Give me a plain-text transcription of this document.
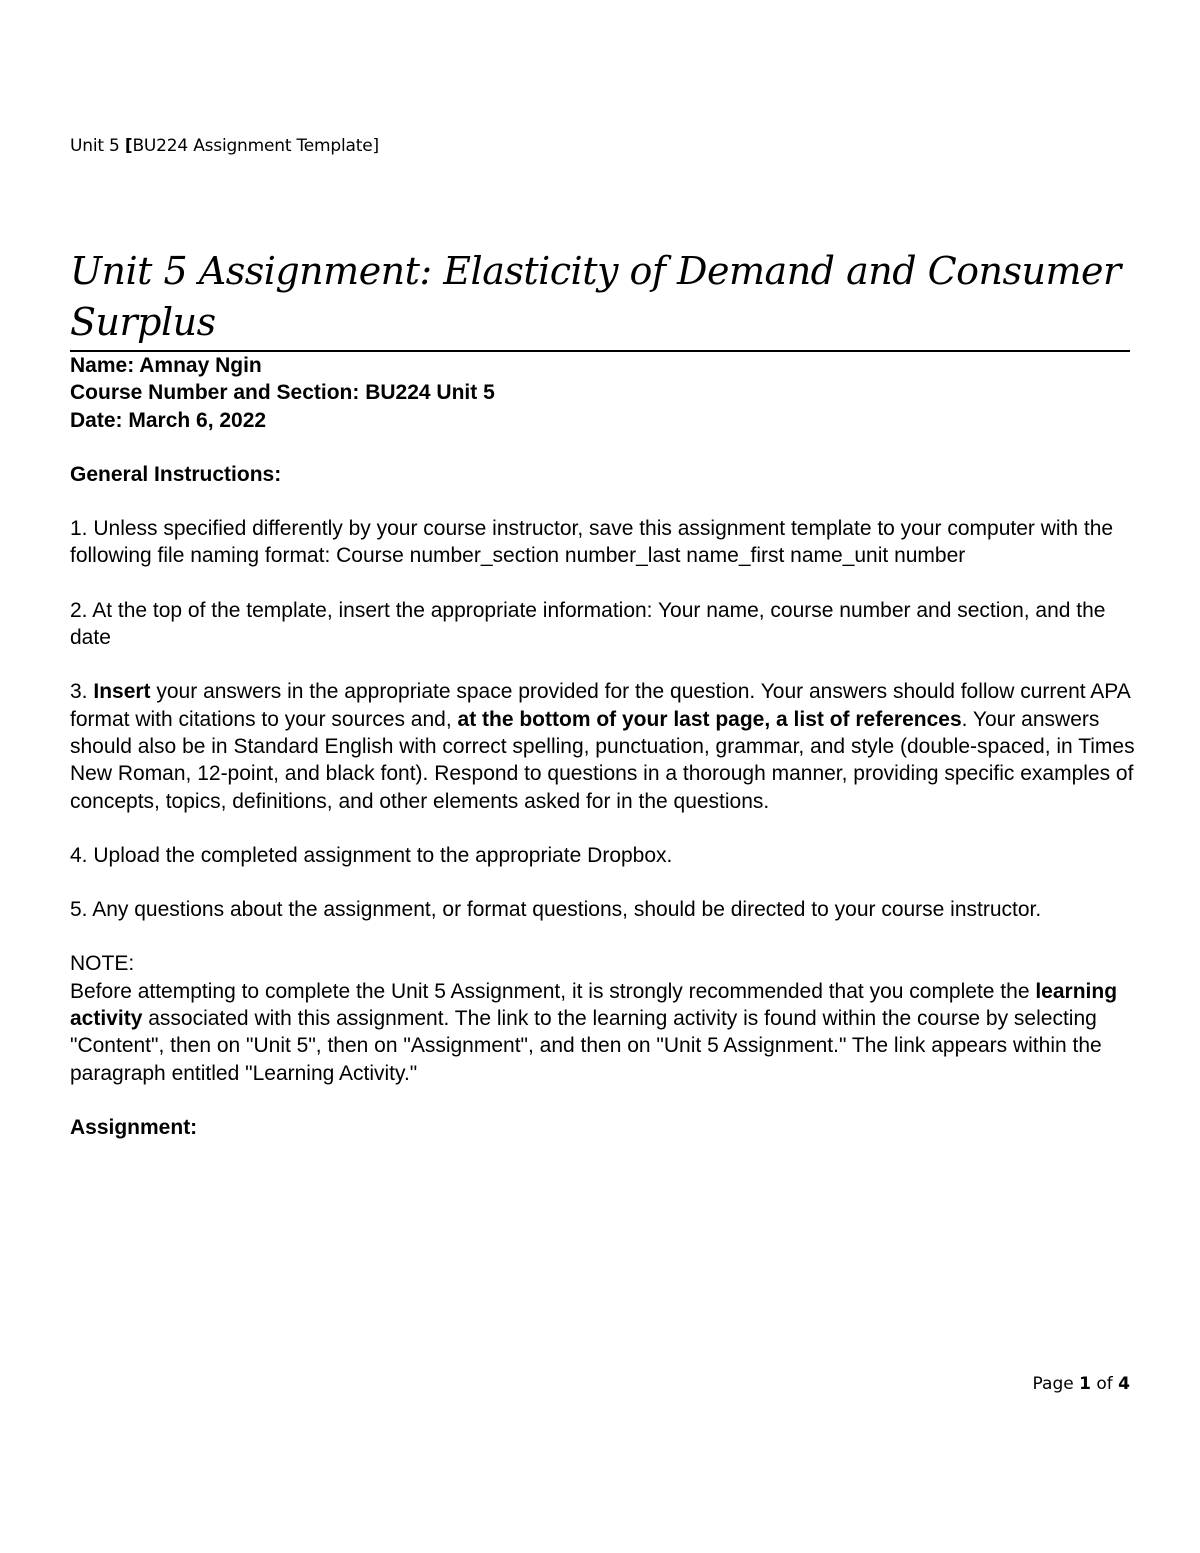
Unit 5 [BU224 Assignment Template]
Unit 5 Assignment: Elasticity of Demand and Consumer Surplus
Name: Amnay Ngin
Course Number and Section: BU224 Unit 5
Date: March 6, 2022
General Instructions:
1. Unless specified differently by your course instructor, save this assignment template to your computer with the following file naming format: Course number_section number_last name_first name_unit number
2. At the top of the template, insert the appropriate information: Your name, course number and section, and the date
3. Insert your answers in the appropriate space provided for the question. Your answers should follow current APA format with citations to your sources and, at the bottom of your last page, a list of references. Your answers should also be in Standard English with correct spelling, punctuation, grammar, and style (double-spaced, in Times New Roman, 12-point, and black font). Respond to questions in a thorough manner, providing specific examples of concepts, topics, definitions, and other elements asked for in the questions.
4. Upload the completed assignment to the appropriate Dropbox.
5. Any questions about the assignment, or format questions, should be directed to your course instructor.
NOTE:
Before attempting to complete the Unit 5 Assignment, it is strongly recommended that you complete the learning activity associated with this assignment. The link to the learning activity is found within the course by selecting "Content", then on "Unit 5", then on "Assignment", and then on "Unit 5 Assignment." The link appears within the paragraph entitled "Learning Activity."
Assignment:
Page 1 of 4
